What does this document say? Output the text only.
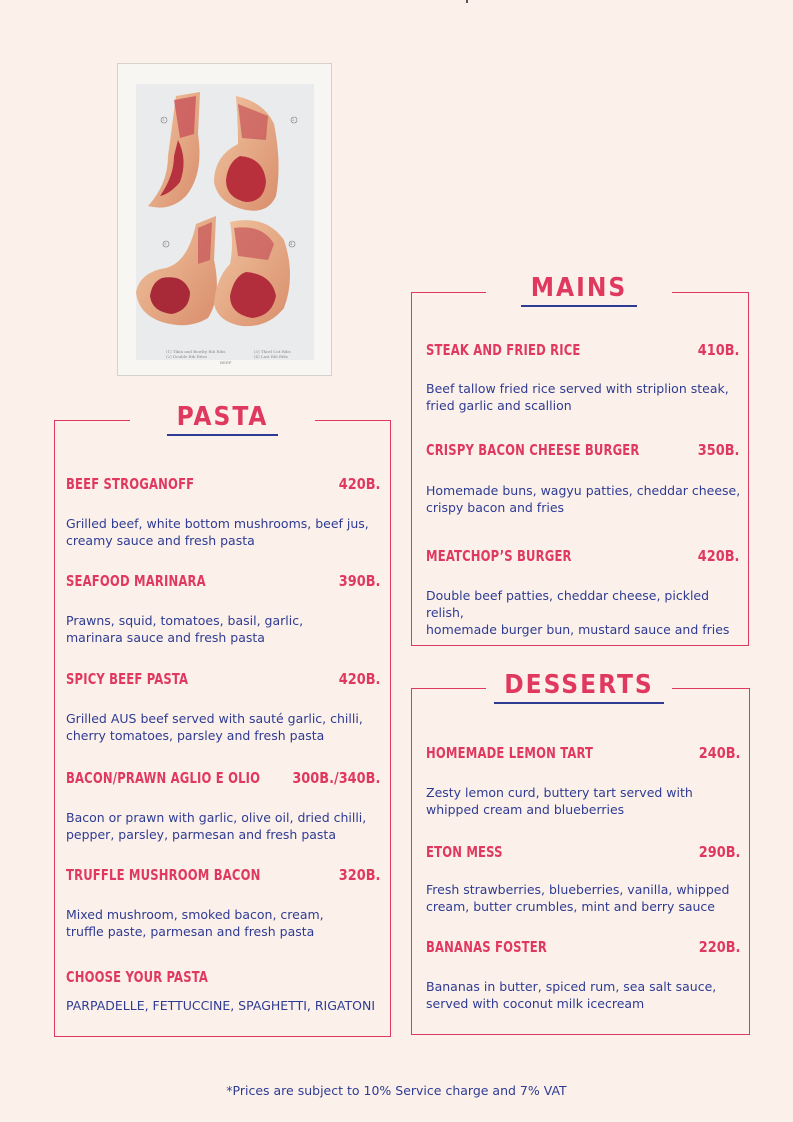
1	2
3	4
(1) Tikin and Bowlty Rib Ribs
(2) Double Rib Rites
(3) Third Cut Ribs
(4) Last Rib Ribs
BEEF
PASTA
BEEF STROGANOFF	420B.
Grilled beef, white bottom mushrooms, beef jus,
creamy sauce and fresh pasta
SEAFOOD MARINARA	390B.
Prawns, squid, tomatoes, basil, garlic,
marinara sauce and fresh pasta
SPICY BEEF PASTA	420B.
Grilled AUS beef served with sauté garlic, chilli,
cherry tomatoes, parsley and fresh pasta
BACON/PRAWN AGLIO E OLIO 300B./340B.
Bacon or prawn with garlic, olive oil, dried chilli,
pepper, parsley, parmesan and fresh pasta
TRUFFLE MUSHROOM BACON	320B.
Mixed mushroom, smoked bacon, cream,
truffle paste, parmesan and fresh pasta
CHOOSE YOUR PASTA
PARPADELLE, FETTUCCINE, SPAGHETTI, RIGATONI
MAINS
STEAK AND FRIED RICE	410B.
Beef tallow fried rice served with striplion steak,
fried garlic and scallion
CRISPY BACON CHEESE BURGER	350B.
Homemade buns, wagyu patties, cheddar cheese,
crispy bacon and fries
MEATCHOP’S BURGER	420B.
Double beef patties, cheddar cheese, pickled relish,
homemade burger bun, mustard sauce and fries
DESSERTS
HOMEMADE LEMON TART	240B.
Zesty lemon curd, buttery tart served with
whipped cream and blueberries
ETON MESS	290B.
Fresh strawberries, blueberries, vanilla, whipped
cream, butter crumbles, mint and berry sauce
BANANAS FOSTER	220B.
Bananas in butter, spiced rum, sea salt sauce,
served with coconut milk icecream
*Prices are subject to 10% Service charge and 7% VAT
